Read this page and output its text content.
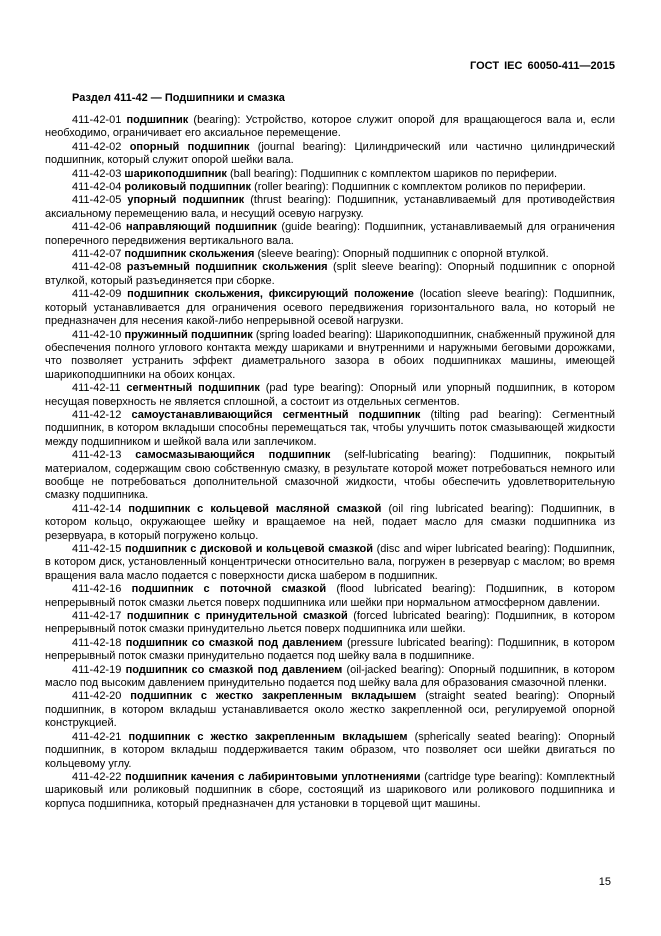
ГОСТ IEC 60050-411—2015
Раздел 411-42 — Подшипники и смазка

411-42-01 подшипник (bearing): Устройство, которое служит опорой для вращающегося вала и, если необходимо, ограничивает его аксиальное перемещение.

411-42-02 опорный подшипник (journal bearing): Цилиндрический или частично цилиндрический подшипник, который служит опорой шейки вала.

411-42-03 шарикоподшипник (ball bearing): Подшипник с комплектом шариков по периферии.

411-42-04 роликовый подшипник (roller bearing): Подшипник с комплектом роликов по периферии.

411-42-05 упорный подшипник (thrust bearing): Подшипник, устанавливаемый для противодействия аксиальному перемещению вала, и несущий осевую нагрузку.

411-42-06 направляющий подшипник (guide bearing): Подшипник, устанавливаемый для ограничения поперечного передвижения вертикального вала.

411-42-07 подшипник скольжения (sleeve bearing): Опорный подшипник с опорной втулкой.

411-42-08 разъемный подшипник скольжения (split sleeve bearing): Опорный подшипник с опорной втулкой, который разъединяется при сборке.

411-42-09 подшипник скольжения, фиксирующий положение (location sleeve bearing): Подшипник, который устанавливается для ограничения осевого передвижения горизонтального вала, но который не предназначен для несения какой-либо непрерывной осевой нагрузки.

411-42-10 пружинный подшипник (spring loaded bearing): Шарикоподшипник, снабженный пружиной для обеспечения полного углового контакта между шариками и внутренними и наружными беговыми дорожками, что позволяет устранить эффект диаметрального зазора в обоих подшипниках машины, имеющей шарикоподшипники на обоих концах.

411-42-11 сегментный подшипник (pad type bearing): Опорный или упорный подшипник, в котором несущая поверхность не является сплошной, а состоит из отдельных сегментов.

411-42-12 самоустанавливающийся сегментный подшипник (tilting pad bearing): Сегментный подшипник, в котором вкладыши способны перемещаться так, чтобы улучшить поток смазывающей жидкости между подшипником и шейкой вала или заплечиком.

411-42-13 самосмазывающийся подшипник (self-lubricating bearing): Подшипник, покрытый материалом, содержащим свою собственную смазку, в результате которой может потребоваться немного или вообще не потребоваться дополнительной смазочной жидкости, чтобы обеспечить удовлетворительную смазку подшипника.

411-42-14 подшипник с кольцевой масляной смазкой (oil ring lubricated bearing): Подшипник, в котором кольцо, окружающее шейку и вращаемое на ней, подает масло для смазки подшипника из резервуара, в который погружено кольцо.

411-42-15 подшипник с дисковой и кольцевой смазкой (disc and wiper lubricated bearing): Подшипник, в котором диск, установленный концентрически относительно вала, погружен в резервуар с маслом; во время вращения вала масло подается с поверхности диска шабером в подшипник.

411-42-16 подшипник с поточной смазкой (flood lubricated bearing): Подшипник, в котором непрерывный поток смазки льется поверх подшипника или шейки при нормальном атмосферном давлении.

411-42-17 подшипник с принудительной смазкой (forced lubricated bearing): Подшипник, в котором непрерывный поток смазки принудительно льется поверх подшипника или шейки.

411-42-18 подшипник со смазкой под давлением (pressure lubricated bearing): Подшипник, в котором непрерывный поток смазки принудительно подается под шейку вала в подшипнике.

411-42-19 подшипник со смазкой под давлением (oil-jacked bearing): Опорный подшипник, в котором масло под высоким давлением принудительно подается под шейку вала для образования смазочной пленки.

411-42-20 подшипник с жестко закрепленным вкладышем (straight seated bearing): Опорный подшипник, в котором вкладыш устанавливается около жестко закрепленной оси, регулируемой опорной конструкцией.

411-42-21 подшипник с жестко закрепленным вкладышем (spherically seated bearing): Опорный подшипник, в котором вкладыш поддерживается таким образом, что позволяет оси шейки двигаться по кольцевому углу.

411-42-22 подшипник качения с лабиринтовыми уплотнениями (cartridge type bearing): Комплектный шариковый или роликовый подшипник в сборе, состоящий из шарикового или роликового подшипника и корпуса подшипника, который предназначен для установки в торцевой щит машины.

15
